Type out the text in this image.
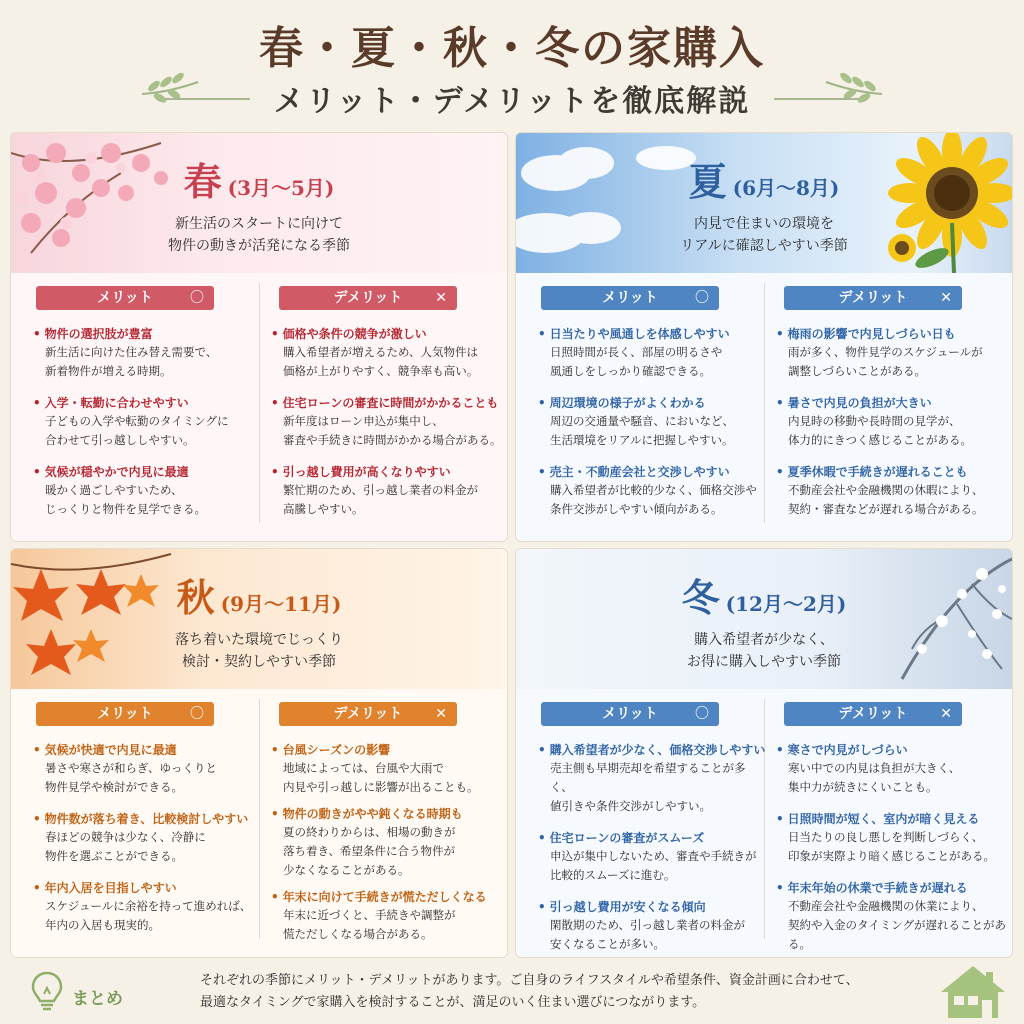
春・夏・秋・冬の家購入
メリット・デメリットを徹底解説
春 (3月〜5月)
新生活のスタートに向けて
物件の動きが活発になる季節
メリット	〇	デメリット ✕
• 物件の選択肢が豊富
新生活に向けた住み替え需要で、
新着物件が増える時期。
• 入学・転勤に合わせやすい
子どもの入学や転勤のタイミングに
合わせて引っ越ししやすい。
• 気候が穏やかで内見に最適
暖かく過ごしやすいため、
じっくりと物件を見学できる。
• 価格や条件の競争が激しい
購入希望者が増えるため、人気物件は
価格が上がりやすく、競争率も高い。
• 住宅ローンの審査に時間がかかることも
新年度はローン申込が集中し、
審査や手続きに時間がかかる場合がある。
• 引っ越し費用が高くなりやすい
繁忙期のため、引っ越し業者の料金が
高騰しやすい。
夏 (6月〜8月)
内見で住まいの環境を
リアルに確認しやすい季節
メリット	〇	デメリット ✕
• 日当たりや風通しを体感しやすい
日照時間が長く、部屋の明るさや
風通しをしっかり確認できる。
• 周辺環境の様子がよくわかる
周辺の交通量や騒音、においなど、
生活環境をリアルに把握しやすい。
• 売主・不動産会社と交渉しやすい
購入希望者が比較的少なく、価格交渉や
条件交渉がしやすい傾向がある。
• 梅雨の影響で内見しづらい日も
雨が多く、物件見学のスケジュールが
調整しづらいことがある。
• 暑さで内見の負担が大きい
内見時の移動や長時間の見学が、
体力的にきつく感じることがある。
• 夏季休暇で手続きが遅れることも
不動産会社や金融機関の休暇により、
契約・審査などが遅れる場合がある。
秋 (9月〜11月)
落ち着いた環境でじっくり
検討・契約しやすい季節
メリット	〇	デメリット ✕
• 気候が快適で内見に最適
暑さや寒さが和らぎ、ゆっくりと
物件見学や検討ができる。
• 物件数が落ち着き、比較検討しやすい
春ほどの競争は少なく、冷静に
物件を選ぶことができる。
• 年内入居を目指しやすい
スケジュールに余裕を持って進めれば、
年内の入居も現実的。
• 台風シーズンの影響
地域によっては、台風や大雨で
内見や引っ越しに影響が出ることも。
• 物件の動きがやや鈍くなる時期も
夏の終わりからは、相場の動きが
落ち着き、希望条件に合う物件が
少なくなることがある。
• 年末に向けて手続きが慌ただしくなる
年末に近づくと、手続きや調整が
慌ただしくなる場合がある。
冬 (12月〜2月)
購入希望者が少なく、
お得に購入しやすい季節
メリット	〇	デメリット ✕
• 購入希望者が少なく、価格交渉しやすい
売主側も早期売却を希望することが多く、
値引きや条件交渉がしやすい。
• 住宅ローンの審査がスムーズ
申込が集中しないため、審査や手続きが
比較的スムーズに進む。
• 引っ越し費用が安くなる傾向
閑散期のため、引っ越し業者の料金が
安くなることが多い。
• 寒さで内見がしづらい
寒い中での内見は負担が大きく、
集中力が続きにくいことも。
• 日照時間が短く、室内が暗く見える
日当たりの良し悪しを判断しづらく、
印象が実際より暗く感じることがある。
• 年末年始の休業で手続きが遅れる
不動産会社や金融機関の休業により、
契約や入金のタイミングが遅れることがある。
まとめ
それぞれの季節にメリット・デメリットがあります。ご自身のライフスタイルや希望条件、資金計画に合わせて、
最適なタイミングで家購入を検討することが、満足のいく住まい選びにつながります。
